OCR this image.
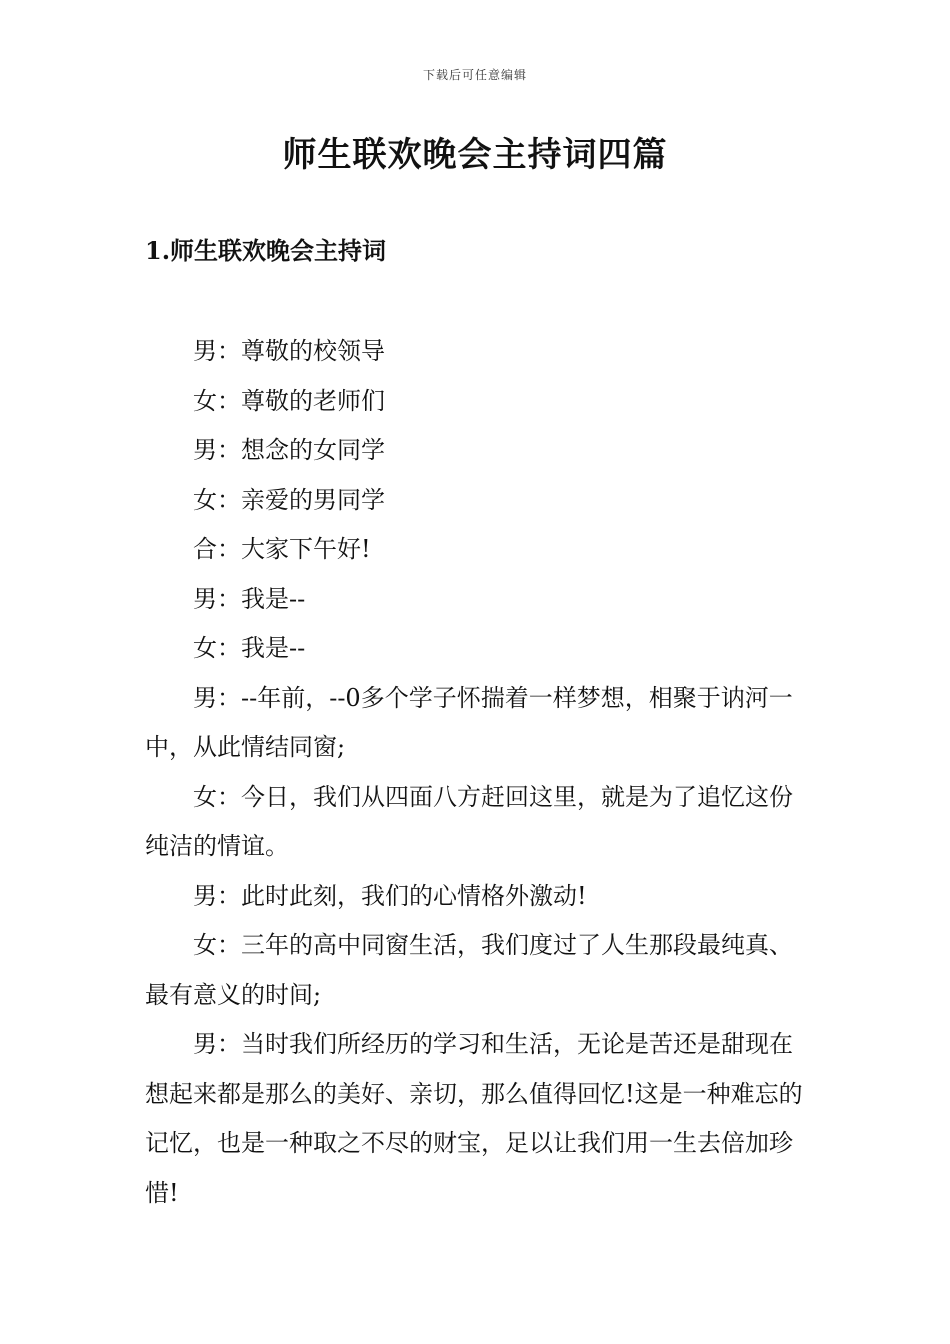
下载后可任意编辑
师生联欢晚会主持词四篇
1.师生联欢晚会主持词

男：尊敬的校领导

女：尊敬的老师们

男：想念的女同学

女：亲爱的男同学

合：大家下午好!

男：我是--

女：我是--

男：--年前，--0多个学子怀揣着一样梦想，相聚于讷河一中，从此情结同窗;

女：今日，我们从四面八方赶回这里，就是为了追忆这份纯洁的情谊。

男：此时此刻，我们的心情格外激动!

女：三年的高中同窗生活，我们度过了人生那段最纯真、最有意义的时间;

男：当时我们所经历的学习和生活，无论是苦还是甜现在想起来都是那么的美好、亲切，那么值得回忆!这是一种难忘的记忆，也是一种取之不尽的财宝，足以让我们用一生去倍加珍惜!
